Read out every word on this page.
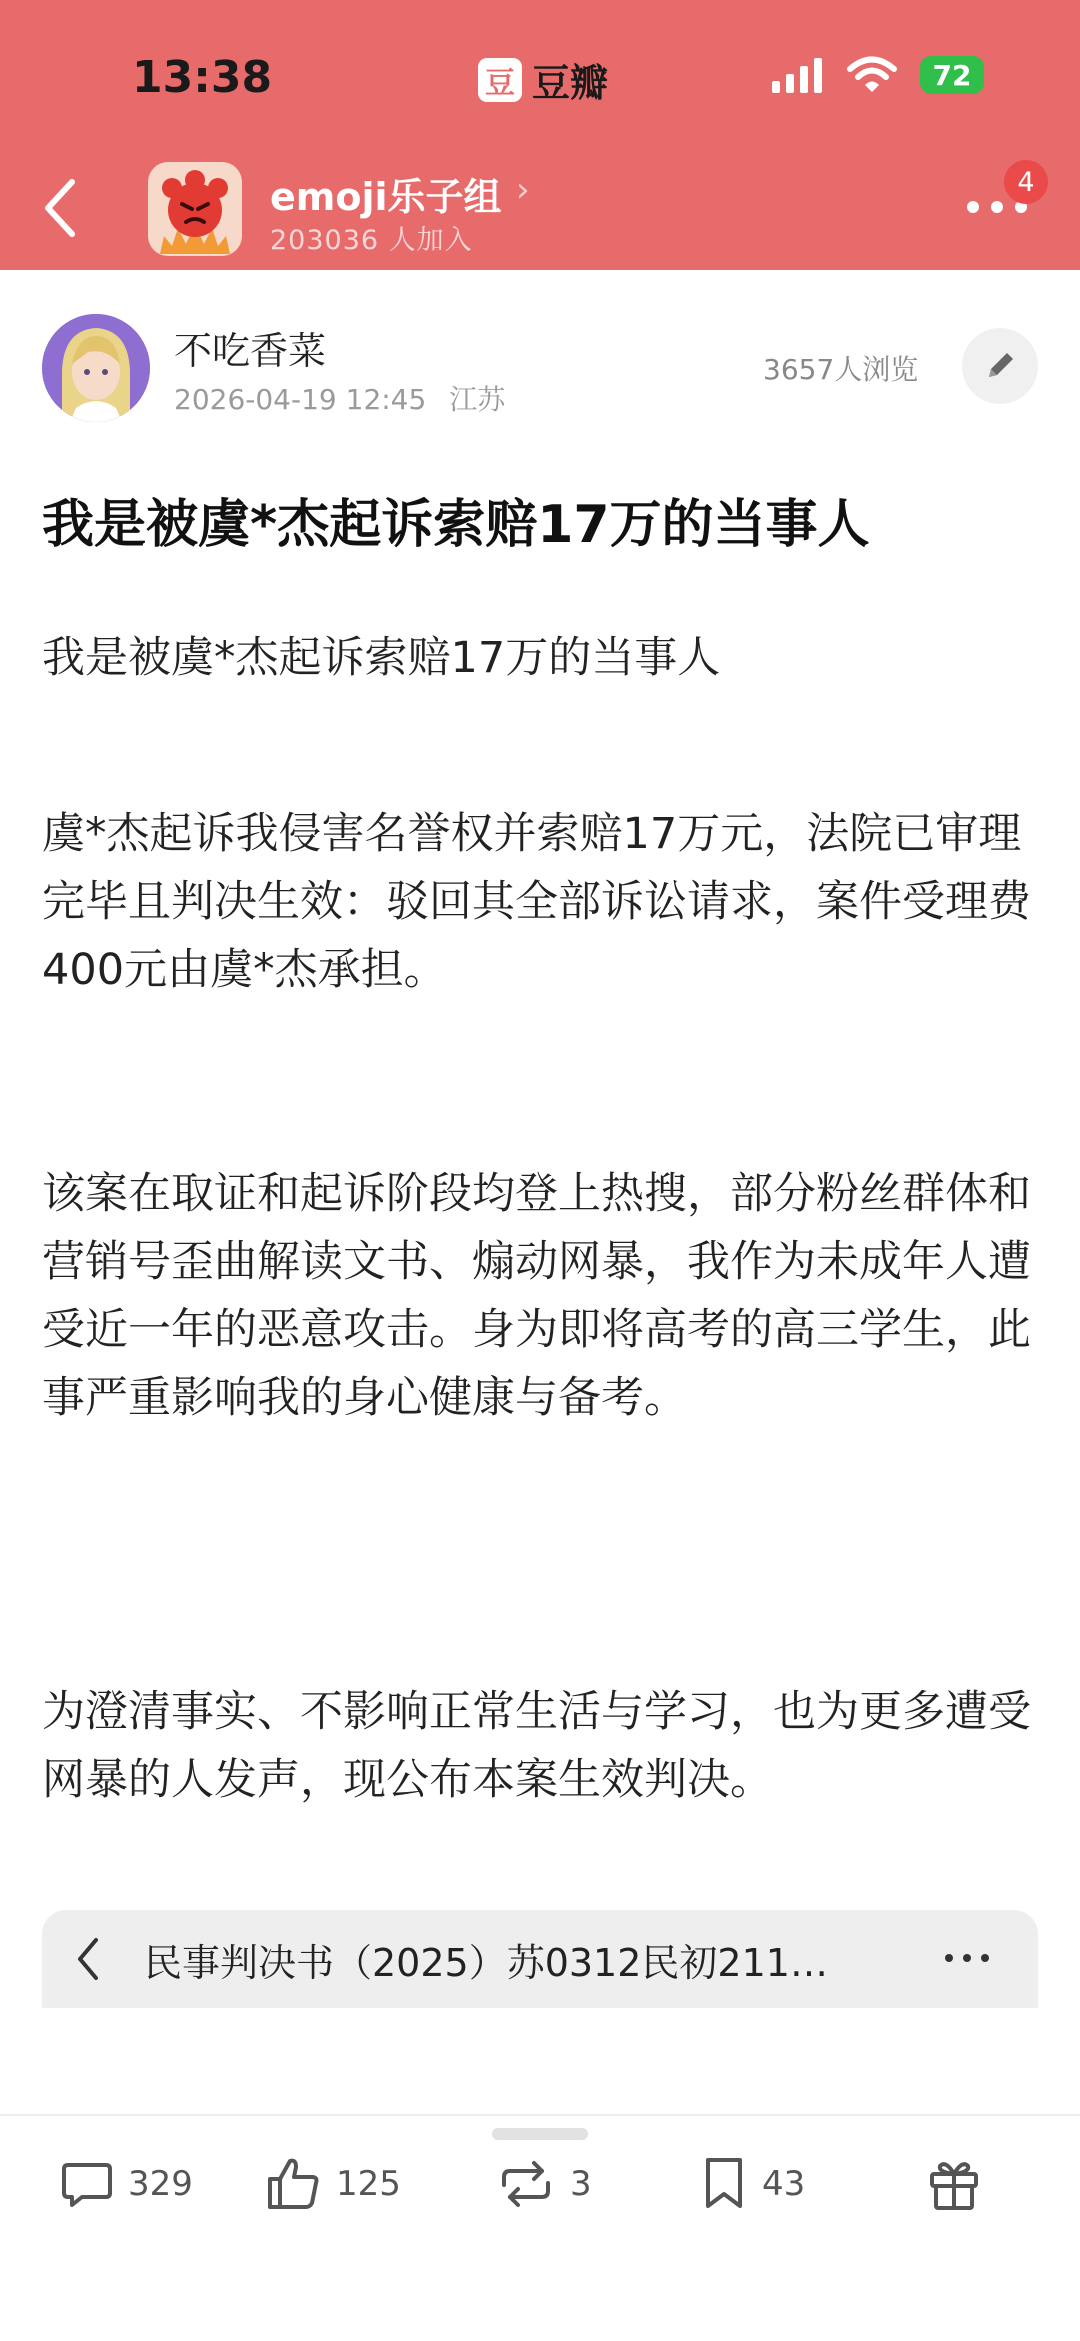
13:38	豆 豆瓣	72
emoji乐子组 ›
203036 人加入
4
不吃香菜
2026-04-19 12:45 江苏
3657人浏览
我是被虞*杰起诉索赔17万的当事人
我是被虞*杰起诉索赔17万的当事人
虞*杰起诉我侵害名誉权并索赔17万元，法院已审理完毕且判决生效：驳回其全部诉讼请求，案件受理费400元由虞*杰承担。
该案在取证和起诉阶段均登上热搜，部分粉丝群体和营销号歪曲解读文书、煽动网暴，我作为未成年人遭受近一年的恶意攻击。身为即将高考的高三学生，此事严重影响我的身心健康与备考。
为澄清事实、不影响正常生活与学习，也为更多遭受网暴的人发声，现公布本案生效判决。
民事判决书（2025）苏0312民初211…
329	125	3	43
